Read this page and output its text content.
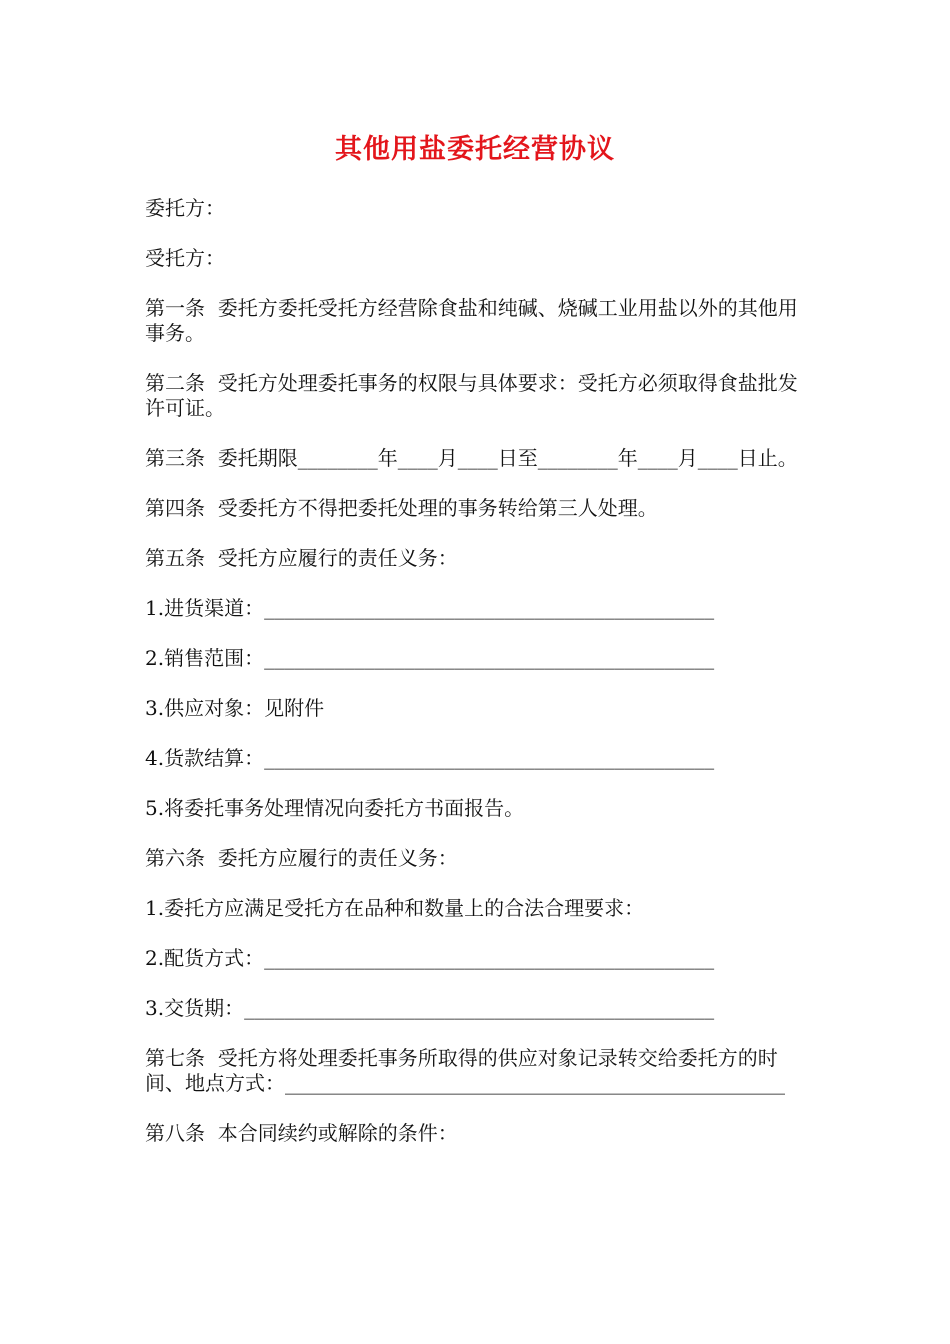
其他用盐委托经营协议

委托方：

受托方：

第一条  委托方委托受托方经营除食盐和纯碱、烧碱工业用盐以外的其他用事务。

第二条  受托方处理委托事务的权限与具体要求：受托方必须取得食盐批发许可证。

第三条  委托期限________年____月____日至________年____月____日止。

第四条  受委托方不得把委托处理的事务转给第三人处理。

第五条  受托方应履行的责任义务：

1.进货渠道：_____________________________________________

2.销售范围：_____________________________________________

3.供应对象：见附件

4.货款结算：_____________________________________________

5.将委托事务处理情况向委托方书面报告。

第六条  委托方应履行的责任义务：

1.委托方应满足受托方在品种和数量上的合法合理要求：

2.配货方式：_____________________________________________

3.交货期：_______________________________________________

第七条  受托方将处理委托事务所取得的供应对象记录转交给委托方的时间、地点方式：__________________________________________________

第八条  本合同续约或解除的条件：
